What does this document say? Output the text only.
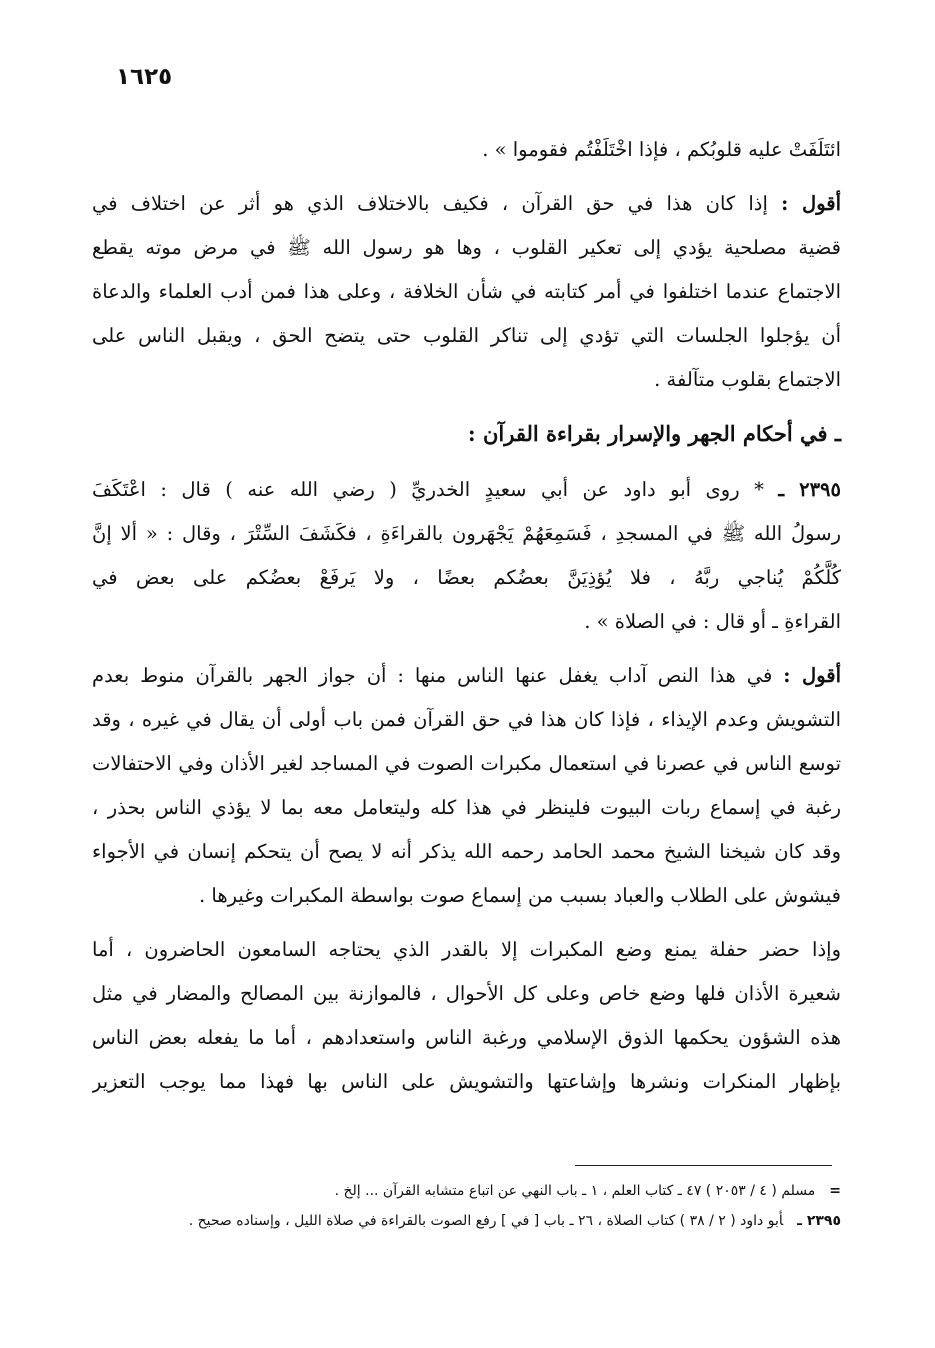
١٦٢٥
ائتَلَفَتْ عليه قلوبُكم ، فإذا اخْتَلَفْتُم فقوموا » .
أقول : إذا كان هذا في حق القرآن ، فكيف بالاختلاف الذي هو أثر عن اختلاف في
قضية مصلحية يؤدي إلى تعكير القلوب ، وها هو رسول الله ﷺ في مرض موته يقطع
الاجتماع عندما اختلفوا في أمر كتابته في شأن الخلافة ، وعلى هذا فمن أدب العلماء والدعاة
أن يؤجلوا الجلسات التي تؤدي إلى تناكر القلوب حتى يتضح الحق ، ويقبل الناس على
الاجتماع بقلوب متآلفة .
ـ في أحكام الجهر والإسرار بقراءة القرآن :
٢٣٩٥ ـ * روى أبو داود عن أبي سعيدٍ الخدريِّ ( رضي الله عنه ) قال : اعْتَكَفَ
رسولُ الله ﷺ في المسجدِ ، فَسَمِعَهُمْ يَجْهَرون بالقراءَةِ ، فكَشَفَ السِّتْرَ ، وقال : « ألا إنَّ
كُلَّكُمْ يُناجي ربَّهُ ، فلا يُؤذِيَنَّ بعضُكم بعضًا ، ولا يَرفَعْ بعضُكم على بعض في
القراءةِ ـ أو قال : في الصلاة » .
أقول : في هذا النص آداب يغفل عنها الناس منها : أن جواز الجهر بالقرآن منوط بعدم
التشويش وعدم الإيذاء ، فإذا كان هذا في حق القرآن فمن باب أولى أن يقال في غيره ، وقد
توسع الناس في عصرنا في استعمال مكبرات الصوت في المساجد لغير الأذان وفي الاحتفالات
رغبة في إسماع ربات البيوت فلينظر في هذا كله وليتعامل معه بما لا يؤذي الناس بحذر ،
وقد كان شيخنا الشيخ محمد الحامد رحمه الله يذكر أنه لا يصح أن يتحكم إنسان في الأجواء
فيشوش على الطلاب والعباد بسبب من إسماع صوت بواسطة المكبرات وغيرها .
وإذا حضر حفلة يمنع وضع المكبرات إلا بالقدر الذي يحتاجه السامعون الحاضرون ، أما
شعيرة الأذان فلها وضع خاص وعلى كل الأحوال ، فالموازنة بين المصالح والمضار في مثل
هذه الشؤون يحكمها الذوق الإسلامي ورغبة الناس واستعدادهم ، أما ما يفعله بعض الناس
بإظهار المنكرات ونشرها وإشاعتها والتشويش على الناس بها فهذا مما يوجب التعزير
=مسلم ( ٤ / ٢٠٥٣ ) ٤٧ ـ كتاب العلم ، ١ ـ باب النهي عن اتباع متشابه القرآن ... إلخ .
٢٣٩٥ ـأبو داود ( ٢ / ٣٨ ) كتاب الصلاة ، ٢٦ ـ باب [ في ] رفع الصوت بالقراءة في صلاة الليل ، وإسناده صحيح .
